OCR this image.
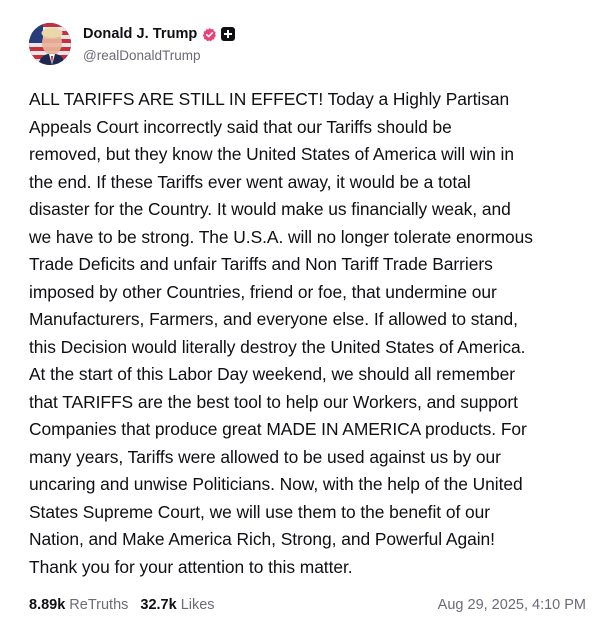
Donald J. Trump
@realDonaldTrump

ALL TARIFFS ARE STILL IN EFFECT! Today a Highly Partisan
Appeals Court incorrectly said that our Tariffs should be
removed, but they know the United States of America will win in
the end. If these Tariffs ever went away, it would be a total
disaster for the Country. It would make us financially weak, and
we have to be strong. The U.S.A. will no longer tolerate enormous
Trade Deficits and unfair Tariffs and Non Tariff Trade Barriers
imposed by other Countries, friend or foe, that undermine our
Manufacturers, Farmers, and everyone else. If allowed to stand,
this Decision would literally destroy the United States of America.
At the start of this Labor Day weekend, we should all remember
that TARIFFS are the best tool to help our Workers, and support
Companies that produce great MADE IN AMERICA products. For
many years, Tariffs were allowed to be used against us by our
uncaring and unwise Politicians. Now, with the help of the United
States Supreme Court, we will use them to the benefit of our
Nation, and Make America Rich, Strong, and Powerful Again!
Thank you for your attention to this matter.

8.89k ReTruths 32.7k Likes	Aug 29, 2025, 4:10 PM
